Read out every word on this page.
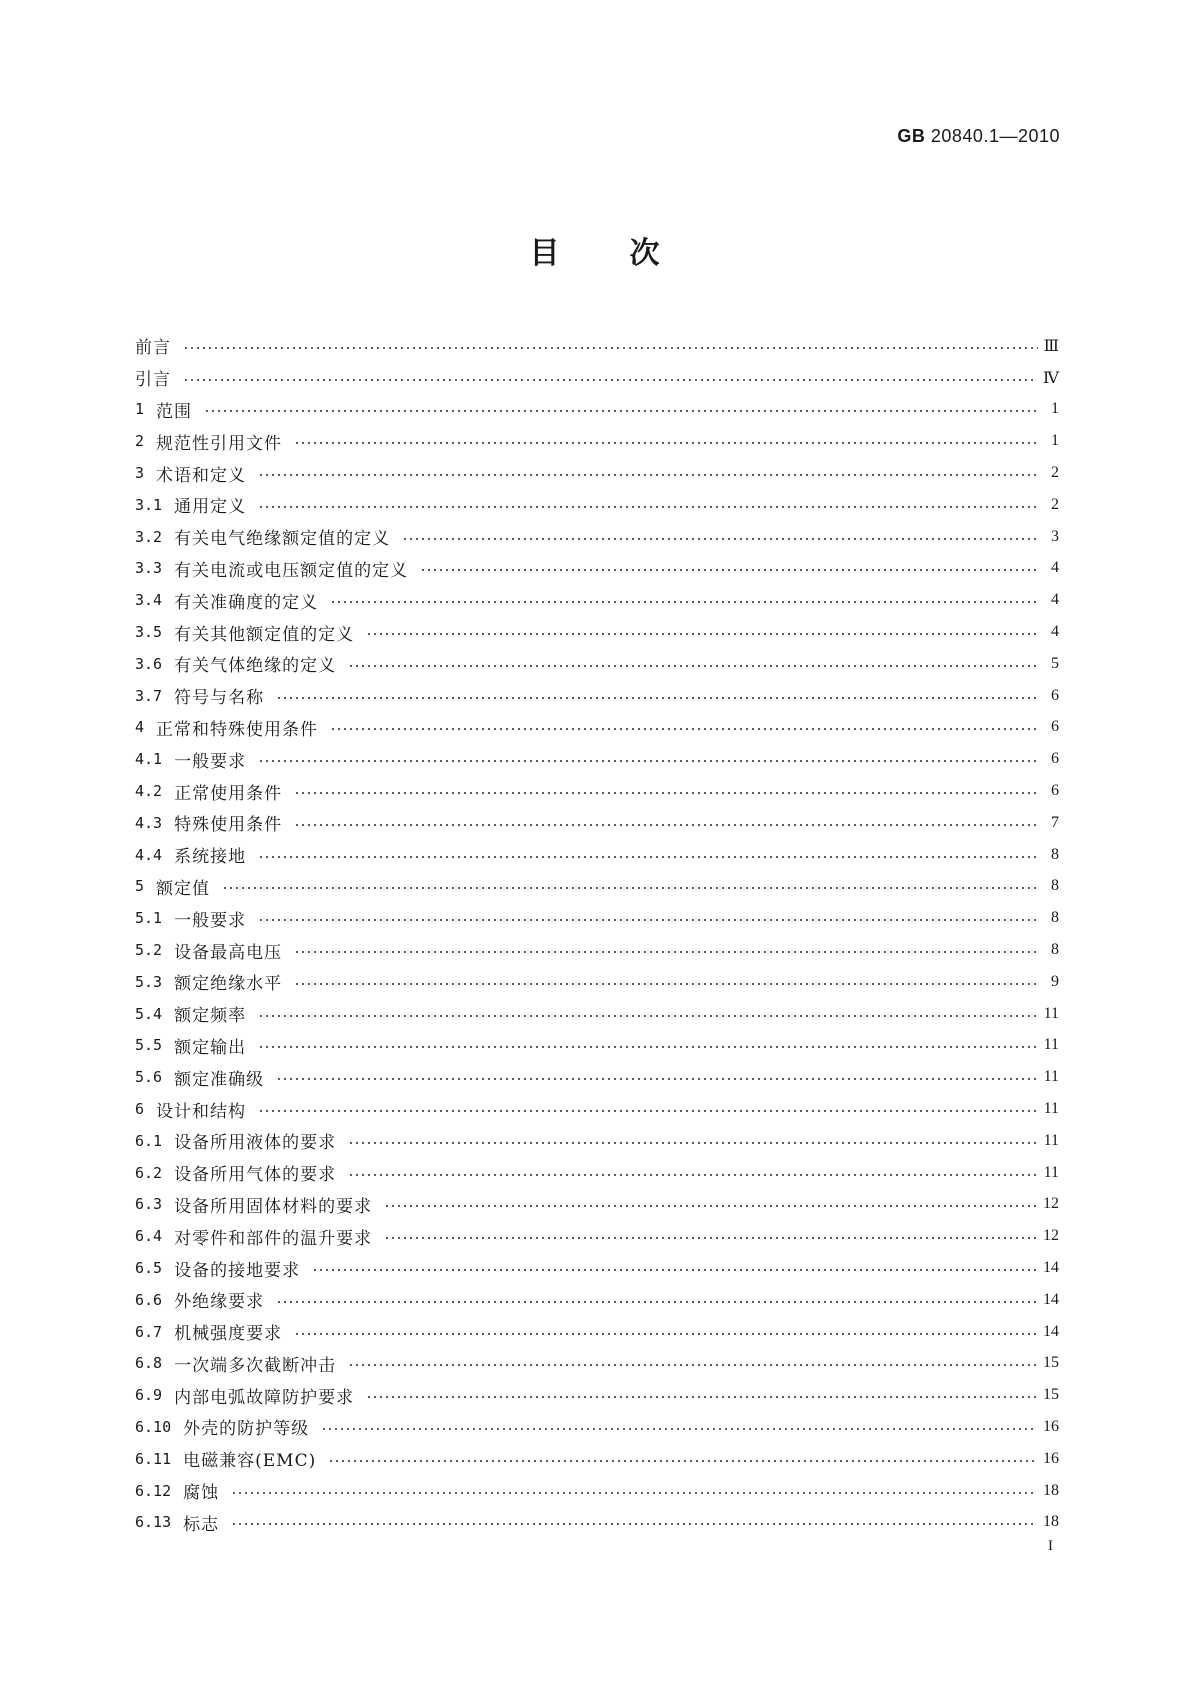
GB 20840.1—2010
目 次
前言	Ⅲ
引言	Ⅳ
1 范围	1
2 规范性引用文件	1
3 术语和定义	2
3.1 通用定义	2
3.2 有关电气绝缘额定值的定义	3
3.3 有关电流或电压额定值的定义	4
3.4 有关准确度的定义	4
3.5 有关其他额定值的定义	4
3.6 有关气体绝缘的定义	5
3.7 符号与名称	6
4 正常和特殊使用条件	6
4.1 一般要求	6
4.2 正常使用条件	6
4.3 特殊使用条件	7
4.4 系统接地	8
5 额定值	8
5.1 一般要求	8
5.2 设备最高电压	8
5.3 额定绝缘水平	9
5.4 额定频率	11
5.5 额定输出	11
5.6 额定准确级	11
6 设计和结构	11
6.1 设备所用液体的要求	11
6.2 设备所用气体的要求	11
6.3 设备所用固体材料的要求	12
6.4 对零件和部件的温升要求	12
6.5 设备的接地要求	14
6.6 外绝缘要求	14
6.7 机械强度要求	14
6.8 一次端多次截断冲击	15
6.9 内部电弧故障防护要求	15
6.10 外壳的防护等级	16
6.11 电磁兼容(EMC)	16
6.12 腐蚀	18
6.13 标志	18
I
